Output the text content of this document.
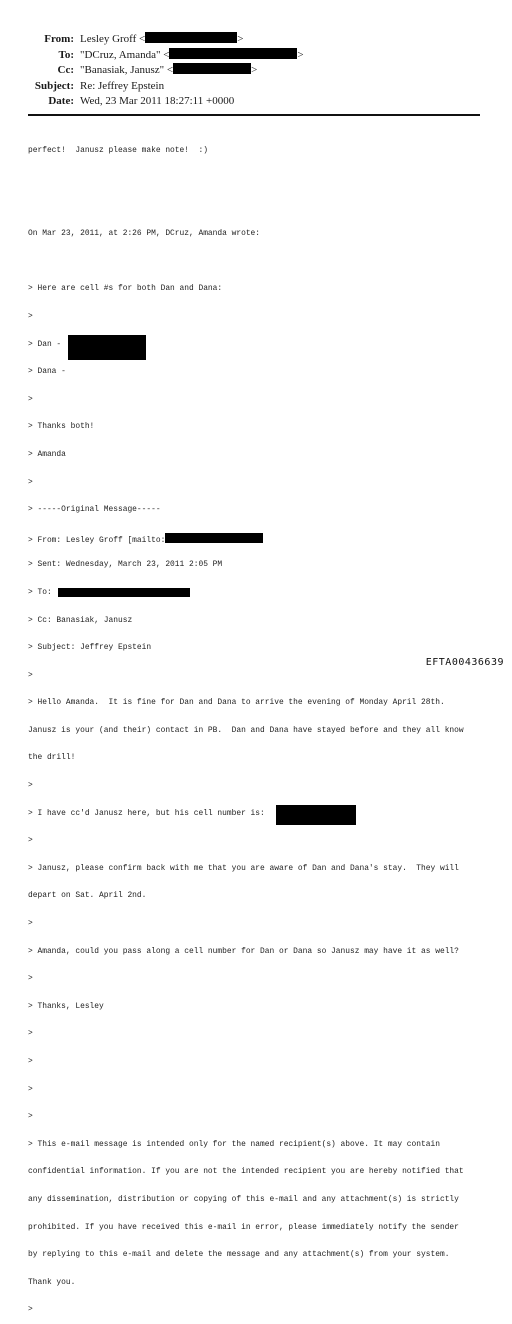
From: Lesley Groff <	>
To: "DCruz, Amanda" <	>
Cc: "Banasiak, Janusz" <	>
Subject: Re: Jeffrey Epstein
Date: Wed, 23 Mar 2011 18:27:11 +0000

perfect!  Janusz please make note!  :)

On Mar 23, 2011, at 2:26 PM, DCruz, Amanda wrote:

> Here are cell #s for both Dan and Dana:

>

> Dan -

> Dana -

>

> Thanks both!

> Amanda

>

> -----Original Message-----

> From: Lesley Groff [mailto:

> Sent: Wednesday, March 23, 2011 2:05 PM

> To:

> Cc: Banasiak, Janusz

> Subject: Jeffrey Epstein

>

> Hello Amanda.  It is fine for Dan and Dana to arrive the evening of Monday April 28th.

Janusz is your (and their) contact in PB.  Dan and Dana have stayed before and they all know

the drill!

>

> I have cc'd Janusz here, but his cell number is:

>

> Janusz, please confirm back with me that you are aware of Dan and Dana's stay.  They will

depart on Sat. April 2nd.

>

> Amanda, could you pass along a cell number for Dan or Dana so Janusz may have it as well?

>

> Thanks, Lesley

>

>

>

>

> This e-mail message is intended only for the named recipient(s) above. It may contain

confidential information. If you are not the intended recipient you are hereby notified that

any dissemination, distribution or copying of this e-mail and any attachment(s) is strictly

prohibited. If you have received this e-mail in error, please immediately notify the sender

by replying to this e-mail and delete the message and any attachment(s) from your system.

Thank you.

>

EFTA00436639
